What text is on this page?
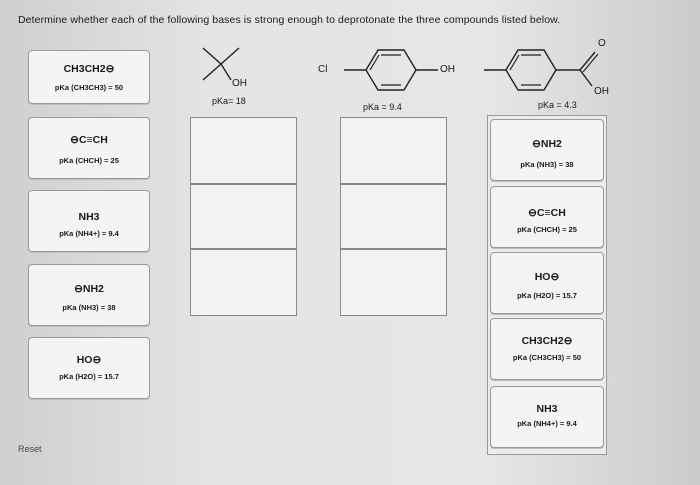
Determine whether each of the following bases is strong enough to deprotonate the three compounds listed below.
OH
pKa= 18
Cl	OH
pKa = 9.4
O
OH
pKa = 4.3
CH3CH2⊖
pKa (CH3CH3) = 50
⊖C≡CH
pKa (CHCH) = 25
NH3
pKa (NH4+) = 9.4
⊖NH2
pKa (NH3) = 38
HO⊖
pKa (H2O) = 15.7
⊖NH2
pKa (NH3) = 38
⊖C≡CH
pKa (CHCH) = 25
HO⊖
pKa (H2O) = 15.7
CH3CH2⊖
pKa (CH3CH3) = 50
NH3
pKa (NH4+) = 9.4
Reset
